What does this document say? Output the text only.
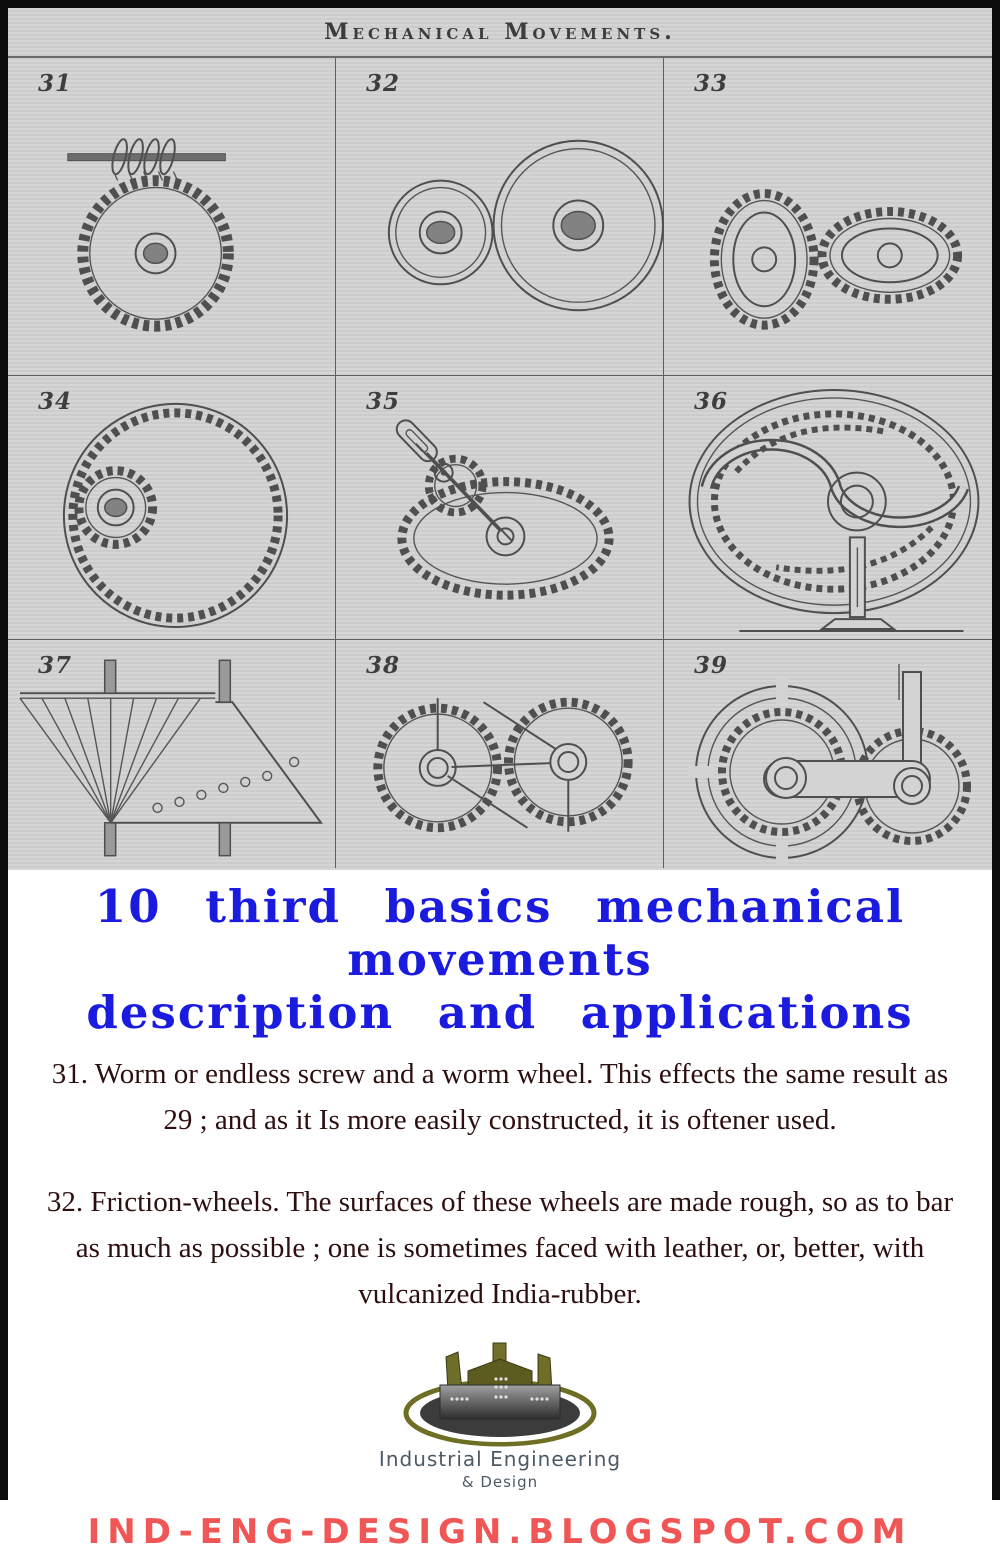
Mechanical Movements.
31	32	33
34	35	36
37	38	39
10 third basics mechanical movements
description and applications

31. Worm or endless screw and a worm wheel. This effects the same result as 29 ; and as it Is more easily constructed, it is oftener used.

32. Friction-wheels. The surfaces of these wheels are made rough, so as to bar as much as possible ; one is sometimes faced with leather, or, better, with vulcanized India-rubber.

Industrial Engineering
& Design
IND-ENG-DESIGN.BLOGSPOT.COM
